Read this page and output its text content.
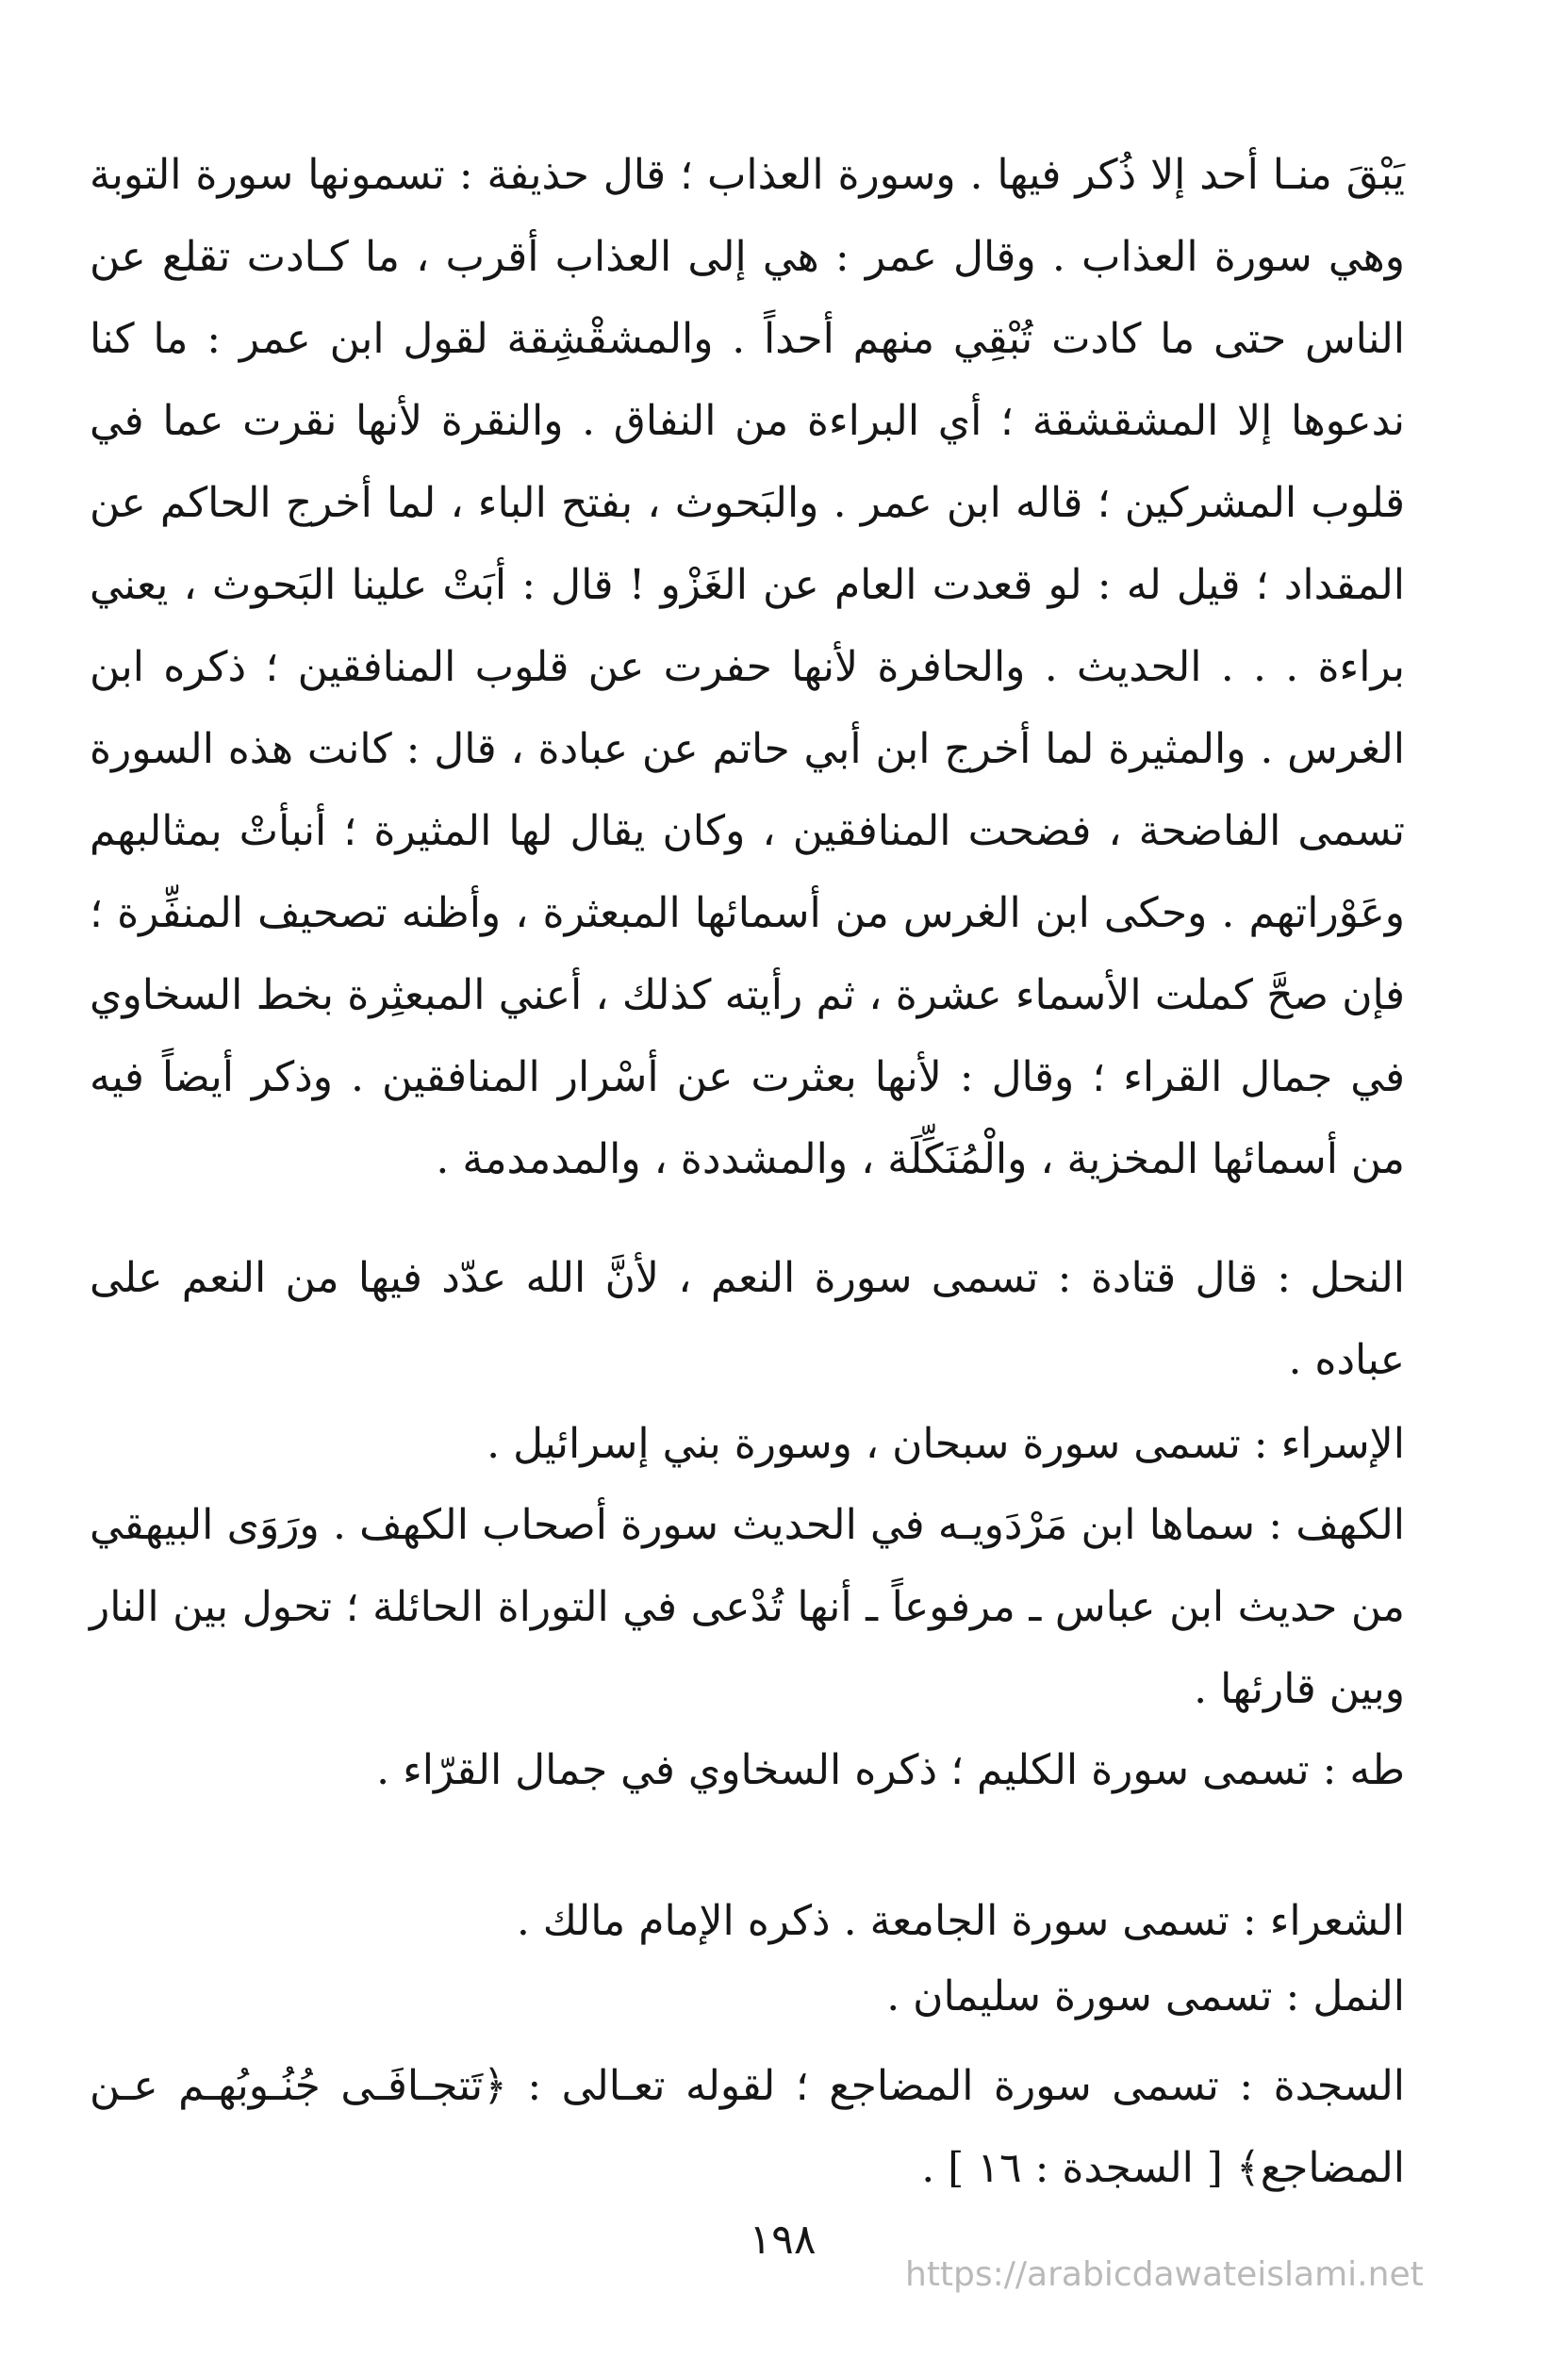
يَبْقَ منـا أحد إلا ذُكر فيها . وسورة العذاب ؛ قال حذيفة : تسمونها سورة التوبة وهي سورة العذاب . وقال عمر : هي إلى العذاب أقرب ، ما كـادت تقلع عن الناس حتى ما كادت تُبْقِي منهم أحداً . والمشقْشِقة لقول ابن عمر : ما كنا ندعوها إلا المشقشقة ؛ أي البراءة من النفاق . والنقرة لأنها نقرت عما في قلوب المشركين ؛ قاله ابن عمر . والبَحوث ، بفتح الباء ، لما أخرج الحاكم عن المقداد ؛ قيل له : لو قعدت العام عن الغَزْو ! قال : أبَتْ علينا البَحوث ، يعني براءة . . . الحديث . والحافرة لأنها حفرت عن قلوب المنافقين ؛ ذكره ابن الغرس . والمثيرة لما أخرج ابن أبي حاتم عن عبادة ، قال : كانت هذه السورة تسمى الفاضحة ، فضحت المنافقين ، وكان يقال لها المثيرة ؛ أنبأتْ بمثالبهم وعَوْراتهم . وحكى ابن الغرس من أسمائها المبعثرة ، وأظنه تصحيف المنفِّرة ؛ فإن صحَّ كملت الأسماء عشرة ، ثم رأيته كذلك ، أعني المبعثِرة بخط السخاوي في جمال القراء ؛ وقال : لأنها بعثرت عن أسْرار المنافقين . وذكر أيضاً فيه من أسمائها المخزية ، والْمُنَكِّلَة ، والمشددة ، والمدمدمة .

النحل : قال قتادة : تسمى سورة النعم ، لأنَّ الله عدّد فيها من النعم على عباده .

الإسراء : تسمى سورة سبحان ، وسورة بني إسرائيل .

الكهف : سماها ابن مَرْدَويـه في الحديث سورة أصحاب الكهف . ورَوَى البيهقي من حديث ابن عباس ـ مرفوعاً ـ أنها تُدْعى في التوراة الحائلة ؛ تحول بين النار وبين قارئها .

طه : تسمى سورة الكليم ؛ ذكره السخاوي في جمال القرّاء .

الشعراء : تسمى سورة الجامعة . ذكره الإمام مالك .

النمل : تسمى سورة سليمان .

السجدة : تسمى سورة المضاجع ؛ لقوله تعـالى : ﴿تَتجـافَـى جُنُـوبُهـم عـن المضاجع﴾ [ السجدة : ١٦ ] .

١٩٨
https://arabicdawateislami.net
